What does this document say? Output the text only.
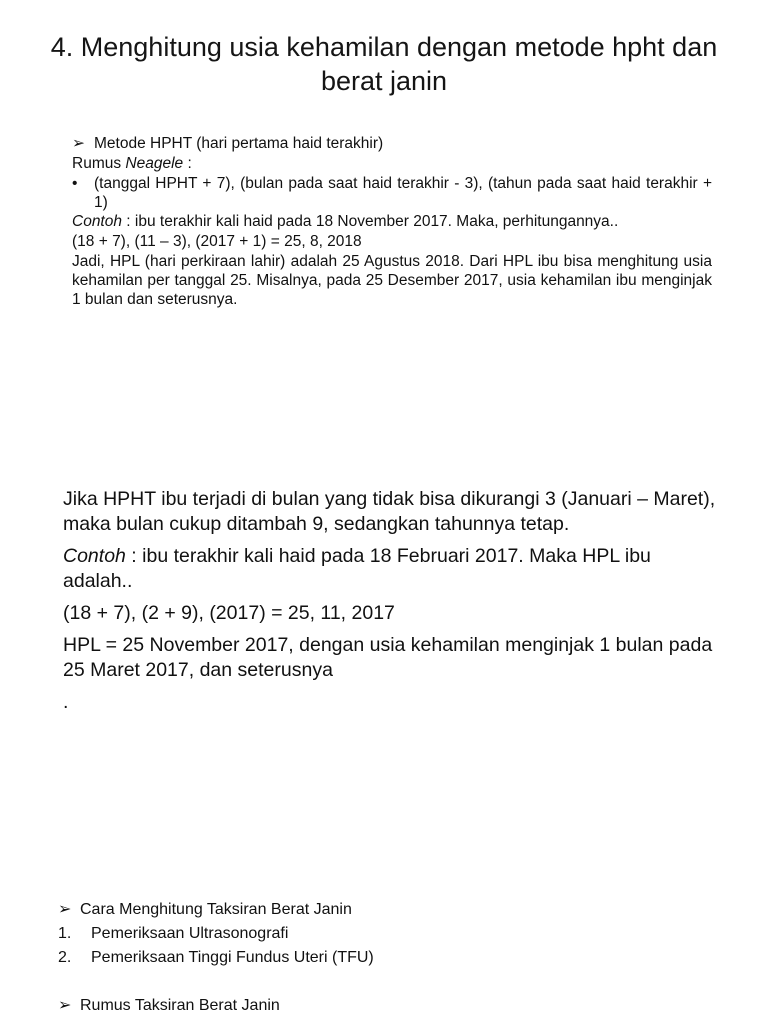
4. Menghitung usia kehamilan dengan metode hpht dan berat janin

➢ Metode HPHT (hari pertama haid terakhir)

Rumus Neagele :

• (tanggal HPHT + 7), (bulan pada saat haid terakhir - 3), (tahun pada saat haid terakhir + 1)

Contoh : ibu terakhir kali haid pada 18 November 2017. Maka, perhitungannya..

(18 + 7), (11 – 3), (2017 + 1) = 25, 8, 2018

Jadi, HPL (hari perkiraan lahir) adalah 25 Agustus 2018. Dari HPL ibu bisa menghitung usia kehamilan per tanggal 25. Misalnya, pada 25 Desember 2017, usia kehamilan ibu menginjak 1 bulan dan seterusnya.

Jika HPHT ibu terjadi di bulan yang tidak bisa dikurangi 3 (Januari – Maret), maka bulan cukup ditambah 9, sedangkan tahunnya tetap.

Contoh : ibu terakhir kali haid pada 18 Februari 2017. Maka HPL ibu adalah..

(18 + 7), (2 + 9), (2017) = 25, 11, 2017

HPL = 25 November 2017, dengan usia kehamilan menginjak 1 bulan pada 25 Maret 2017, dan seterusnya

.

➢ Cara Menghitung Taksiran Berat Janin
1. Pemeriksaan Ultrasonografi
2. Pemeriksaan Tinggi Fundus Uteri (TFU)
➢ Rumus Taksiran Berat Janin
